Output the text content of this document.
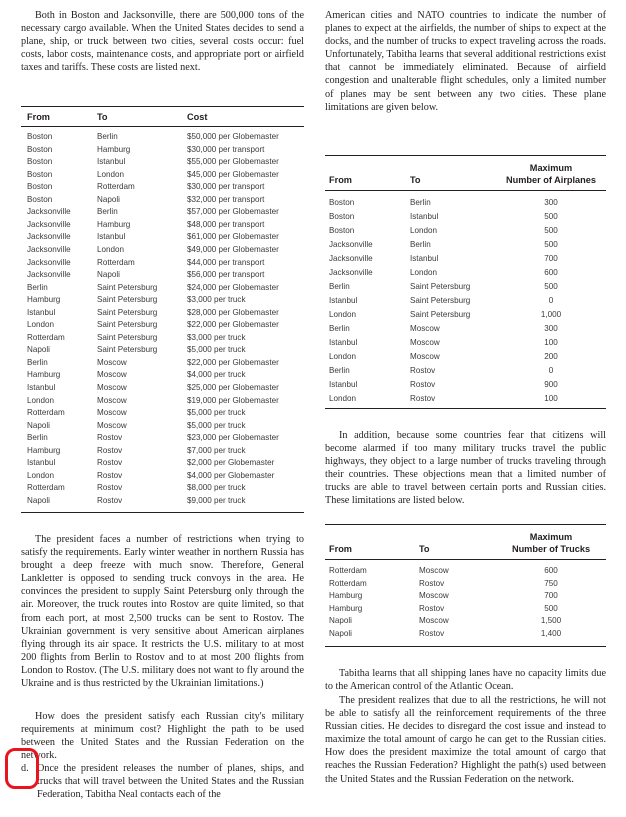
Both in Boston and Jacksonville, there are 500,000 tons of the necessary cargo available. When the United States decides to send a plane, ship, or truck between two cities, several costs occur: fuel costs, labor costs, maintenance costs, and appropriate port or airfield taxes and tariffs. These costs are listed next.

From	To	Cost
Boston	Berlin	$50,000 per Globemaster
Boston	Hamburg	$30,000 per transport
Boston	Istanbul	$55,000 per Globemaster
Boston	London	$45,000 per Globemaster
Boston	Rotterdam	$30,000 per transport
Boston	Napoli	$32,000 per transport
Jacksonville	Berlin	$57,000 per Globemaster
Jacksonville	Hamburg	$48,000 per transport
Jacksonville	Istanbul	$61,000 per Globemaster
Jacksonville	London	$49,000 per Globemaster
Jacksonville	Rotterdam	$44,000 per transport
Jacksonville	Napoli	$56,000 per transport
Berlin	Saint Petersburg	$24,000 per Globemaster
Hamburg	Saint Petersburg	$3,000 per truck
Istanbul	Saint Petersburg	$28,000 per Globemaster
London	Saint Petersburg	$22,000 per Globemaster
Rotterdam	Saint Petersburg	$3,000 per truck
Napoli	Saint Petersburg	$5,000 per truck
Berlin	Moscow	$22,000 per Globemaster
Hamburg	Moscow	$4,000 per truck
Istanbul	Moscow	$25,000 per Globemaster
London	Moscow	$19,000 per Globemaster
Rotterdam	Moscow	$5,000 per truck
Napoli	Moscow	$5,000 per truck
Berlin	Rostov	$23,000 per Globemaster
Hamburg	Rostov	$7,000 per truck
Istanbul	Rostov	$2,000 per Globemaster
London	Rostov	$4,000 per Globemaster
Rotterdam	Rostov	$8,000 per truck
Napoli	Rostov	$9,000 per truck

The president faces a number of restrictions when trying to satisfy the requirements. Early winter weather in northern Russia has brought a deep freeze with much snow. Therefore, General Lankletter is opposed to sending truck convoys in the area. He convinces the president to supply Saint Petersburg only through the air. Moreover, the truck routes into Rostov are quite limited, so that from each port, at most 2,500 trucks can be sent to Rostov. The Ukrainian government is very sensitive about American airplanes flying through its air space. It restricts the U.S. military to at most 200 flights from Berlin to Rostov and to at most 200 flights from London to Rostov. (The U.S. military does not want to fly around the Ukraine and is thus restricted by the Ukrainian limitations.)

How does the president satisfy each Russian city's military requirements at minimum cost? Highlight the path to be used between the United States and the Russian Federation on the network.

d. Once the president releases the number of planes, ships, and trucks that will travel between the United States and the Russian Federation, Tabitha Neal contacts each of the

American cities and NATO countries to indicate the number of planes to expect at the airfields, the number of ships to expect at the docks, and the number of trucks to expect traveling across the roads. Unfortunately, Tabitha learns that several additional restrictions exist that cannot be immediately eliminated. Because of airfield congestion and unalterable flight schedules, only a limited number of planes may be sent between any two cities. These plane limitations are given below.

From	To
Maximum
Number of Airplanes
Boston	Berlin	300
Boston	Istanbul	500
Boston	London	500
Jacksonville	Berlin	500
Jacksonville	Istanbul	700
Jacksonville	London	600
Berlin	Saint Petersburg	500
Istanbul	Saint Petersburg	0
London	Saint Petersburg	1,000
Berlin	Moscow	300
Istanbul	Moscow	100
London	Moscow	200
Berlin	Rostov	0
Istanbul	Rostov	900
London	Rostov	100

In addition, because some countries fear that citizens will become alarmed if too many military trucks travel the public highways, they object to a large number of trucks traveling through their countries. These objections mean that a limited number of trucks are able to travel between certain ports and Russian cities. These limitations are listed below.

From	To
Maximum
Number of Trucks
Rotterdam	Moscow	600
Rotterdam	Rostov	750
Hamburg	Moscow	700
Hamburg	Rostov	500
Napoli	Moscow	1,500
Napoli	Rostov	1,400

Tabitha learns that all shipping lanes have no capacity limits due to the American control of the Atlantic Ocean.

The president realizes that due to all the restrictions, he will not be able to satisfy all the reinforcement requirements of the three Russian cities. He decides to disregard the cost issue and instead to maximize the total amount of cargo he can get to the Russian cities. How does the president maximize the total amount of cargo that reaches the Russian Federation? Highlight the path(s) used between the United States and the Russian Federation on the network.
